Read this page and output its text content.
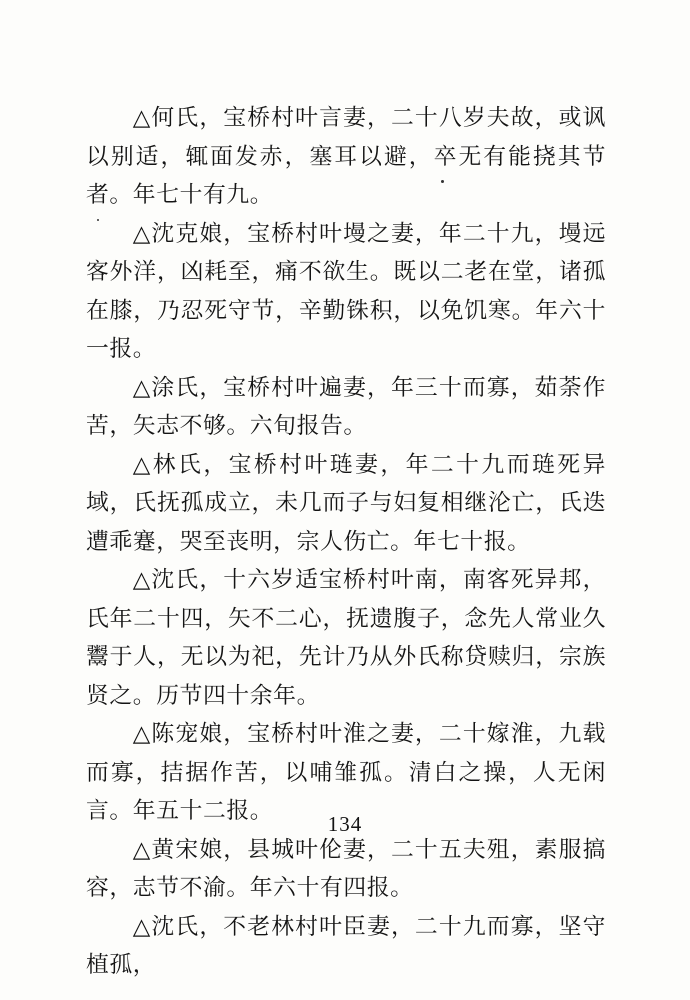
△何氏，宝桥村叶言妻，二十八岁夫故，或讽以别适，辄面发赤，塞耳以避，卒无有能挠其节者。年七十有九。

△沈克娘，宝桥村叶墁之妻，年二十九，墁远客外洋，凶耗至，痛不欲生。既以二老在堂，诸孤在膝，乃忍死守节，辛勤铢积，以免饥寒。年六十一报。

△涂氏，宝桥村叶遍妻，年三十而寡，茹荼作苦，矢志不够。六旬报告。

△林氏，宝桥村叶琏妻，年二十九而琏死异域，氏抚孤成立，未几而子与妇复相继沦亡，氏迭遭乖蹇，哭至丧明，宗人伤亡。年七十报。

△沈氏，十六岁适宝桥村叶南，南客死异邦，氏年二十四，矢不二心，抚遗腹子，念先人常业久鬻于人，无以为祀，先计乃从外氏称贷赎归，宗族贤之。历节四十余年。

△陈宠娘，宝桥村叶淮之妻，二十嫁淮，九载而寡，拮据作苦，以哺雏孤。清白之操，人无闲言。年五十二报。

△黄宋娘，县城叶伦妻，二十五夫殂，素服搞容，志节不渝。年六十有四报。

△沈氏，不老林村叶臣妻，二十九而寡，坚守植孤，

134
